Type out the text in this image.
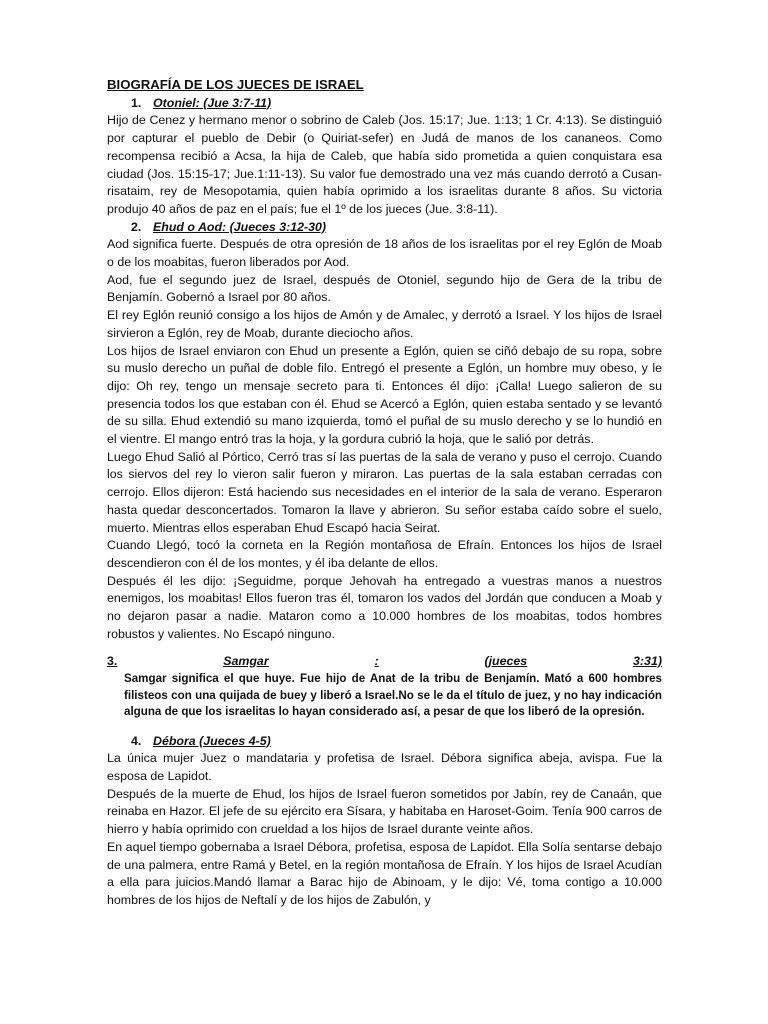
BIOGRAFÍA DE LOS JUECES DE ISRAEL
1. Otoniel: (Jue 3:7-11)

Hijo de Cenez y hermano menor o sobrino de Caleb (Jos. 15:17; Jue. 1:13; 1 Cr. 4:13). Se distinguió por capturar el pueblo de Debir (o Quiriat-sefer) en Judá de manos de los cananeos. Como recompensa recibió a Acsa, la hija de Caleb, que había sido prometida a quien conquistara esa ciudad (Jos. 15:15-17; Jue.1:11-13). Su valor fue demostrado una vez más cuando derrotó a Cusan-risataim, rey de Mesopotamia, quien había oprimido a los israelitas durante 8 años. Su victoria produjo 40 años de paz en el país; fue el 1º de los jueces (Jue. 3:8-11).

2. Ehud o Aod: (Jueces 3:12-30)

Aod significa fuerte. Después de otra opresión de 18 años de los israelitas por el rey Eglón de Moab o de los moabitas, fueron liberados por Aod.

Aod, fue el segundo juez de Israel, después de Otoniel, segundo hijo de Gera de la tribu de Benjamín. Gobernó a Israel por 80 años.

El rey Eglón reunió consigo a los hijos de Amón y de Amalec, y derrotó a Israel. Y los hijos de Israel sirvieron a Eglón, rey de Moab, durante dieciocho años.

Los hijos de Israel enviaron con Ehud un presente a Eglón, quien se ciñó debajo de su ropa, sobre su muslo derecho un puñal de doble filo. Entregó el presente a Eglón, un hombre muy obeso, y le dijo: Oh rey, tengo un mensaje secreto para ti. Entonces él dijo: ¡Calla! Luego salieron de su presencia todos los que estaban con él. Ehud se Acercó a Eglón, quien estaba sentado y se levantó de su silla. Ehud extendió su mano izquierda, tomó el puñal de su muslo derecho y se lo hundió en el vientre. El mango entró tras la hoja, y la gordura cubrió la hoja, que le salió por detrás.

Luego Ehud Salió al Pórtico, Cerró tras sí las puertas de la sala de verano y puso el cerrojo. Cuando los siervos del rey lo vieron salir fueron y miraron. Las puertas de la sala estaban cerradas con cerrojo. Ellos dijeron: Está haciendo sus necesidades en el interior de la sala de verano. Esperaron hasta quedar desconcertados. Tomaron la llave y abrieron. Su señor estaba caído sobre el suelo, muerto. Mientras ellos esperaban Ehud Escapó hacia Seirat.

Cuando Llegó, tocó la corneta en la Región montañosa de Efraín. Entonces los hijos de Israel descendieron con él de los montes, y él iba delante de ellos.

Después él les dijo: ¡Seguidme, porque Jehovah ha entregado a vuestras manos a nuestros enemigos, los moabitas! Ellos fueron tras él, tomaron los vados del Jordán que conducen a Moab y no dejaron pasar a nadie. Mataron como a 10.000 hombres de los moabitas, todos hombres robustos y valientes. No Escapó ninguno.

3.	Samgar	:	(jueces	3:31)

Samgar significa el que huye. Fue hijo de Anat de la tribu de Benjamín. Mató a 600 hombres filisteos con una quijada de buey y liberó a Israel.No se le da el título de juez, y no hay indicación alguna de que los israelitas lo hayan considerado así, a pesar de que los liberó de la opresión.

4. Débora (Jueces 4-5)

La única mujer Juez o mandataria y profetisa de Israel. Débora significa abeja, avispa. Fue la esposa de Lapidot.

Después de la muerte de Ehud, los hijos de Israel fueron sometidos por Jabín, rey de Canaán, que reinaba en Hazor. El jefe de su ejército era Sísara, y habitaba en Haroset-Goim. Tenía 900 carros de hierro y había oprimido con crueldad a los hijos de Israel durante veinte años.

En aquel tiempo gobernaba a Israel Débora, profetisa, esposa de Lapidot. Ella Solía sentarse debajo de una palmera, entre Ramá y Betel, en la región montañosa de Efraín. Y los hijos de Israel Acudían a ella para juicios.Mandó llamar a Barac hijo de Abinoam, y le dijo: Vé, toma contigo a 10.000 hombres de los hijos de Neftalí y de los hijos de Zabulón, y
